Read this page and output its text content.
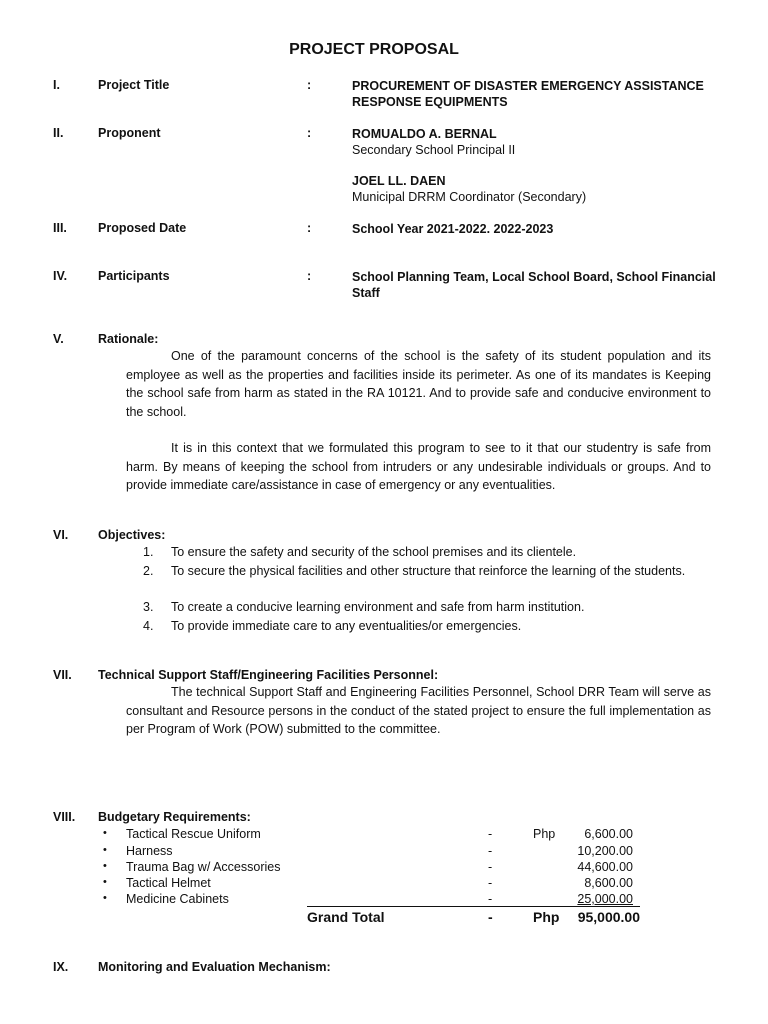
PROJECT PROPOSAL
I.	Project Title	:	PROCUREMENT OF DISASTER EMERGENCY ASSISTANCE RESPONSE EQUIPMENTS
II.	Proponent	:	ROMUALDO A. BERNAL
Secondary School Principal II
JOEL LL. DAEN
Municipal DRRM Coordinator (Secondary)
III. Proposed Date	:	School Year 2021-2022. 2022-2023
IV. Participants	:	School Planning Team, Local School Board, School Financial Staff
V.	Rationale:
One of the paramount concerns of the school is the safety of its student population and its employee as well as the properties and facilities inside its perimeter. As one of its mandates is Keeping the school safe from harm as stated in the RA 10121. And to provide safe and conducive environment to the school.
It is in this context that we formulated this program to see to it that our studentry is safe from harm. By means of keeping the school from intruders or any undesirable individuals or groups. And to provide immediate care/assistance in case of emergency or any eventualities.
VI. Objectives:
1. To ensure the safety and security of the school premises and its clientele.
2. To secure the physical facilities and other structure that reinforce the learning of the students.
3. To create a conducive learning environment and safe from harm institution.
4. To provide immediate care to any eventualities/or emergencies.
VII. Technical Support Staff/Engineering Facilities Personnel:
The technical Support Staff and Engineering Facilities Personnel, School DRR Team will serve as consultant and Resource persons in the conduct of the stated project to ensure the full implementation as per Program of Work (POW) submitted to the committee.
VIII. Budgetary Requirements:
• Tactical Rescue Uniform	-	Php	6,600.00
• Harness	-	10,200.00
• Trauma Bag w/ Accessories	-	44,600.00
• Tactical Helmet	-	8,600.00
• Medicine Cabinets	-	25,000.00
Grand Total	-	Php	95,000.00
IX. Monitoring and Evaluation Mechanism:
